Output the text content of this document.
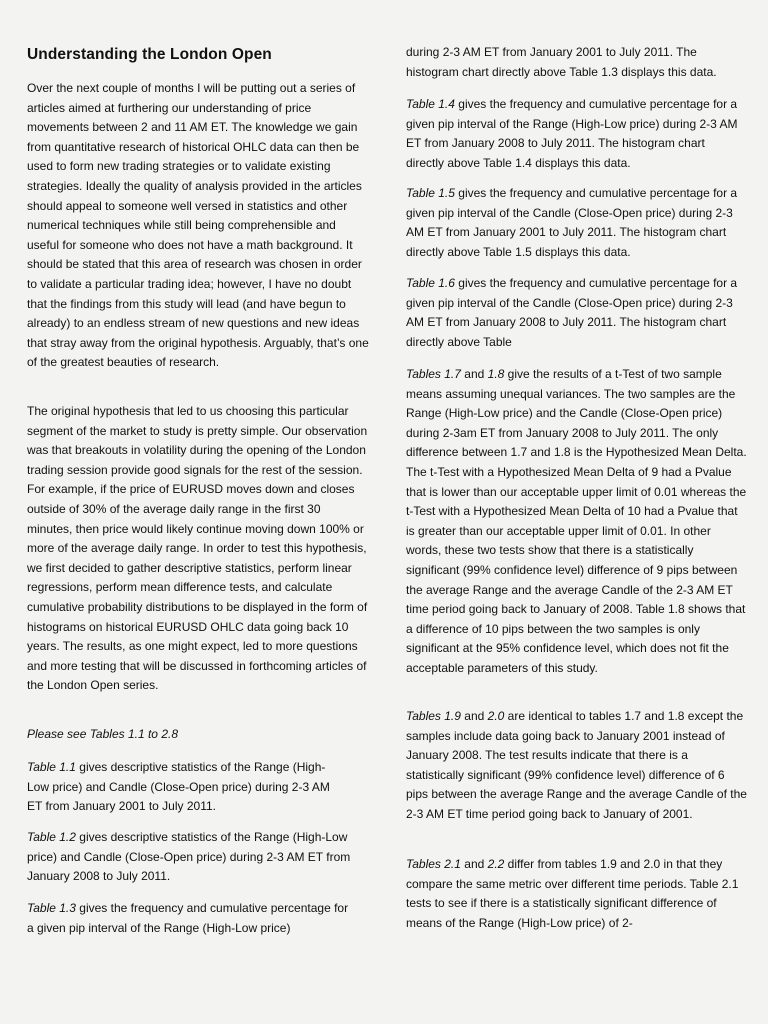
Understanding the London Open

Over the next couple of months I will be putting out a series of articles aimed at furthering our understanding of price movements between 2 and 11 AM ET. The knowledge we gain from quantitative research of historical OHLC data can then be used to form new trading strategies or to validate existing strategies. Ideally the quality of analysis provided in the articles should appeal to someone well versed in statistics and other numerical techniques while still being comprehensible and useful for someone who does not have a math background. It should be stated that this area of research was chosen in order to validate a particular trading idea; however, I have no doubt that the findings from this study will lead (and have begun to already) to an endless stream of new questions and new ideas that stray away from the original hypothesis. Arguably, that’s one of the greatest beauties of research.

The original hypothesis that led to us choosing this particular segment of the market to study is pretty simple. Our observation was that breakouts in volatility during the opening of the London trading session provide good signals for the rest of the session. For example, if the price of EURUSD moves down and closes outside of 30% of the average daily range in the first 30 minutes, then price would likely continue moving down 100% or more of the average daily range. In order to test this hypothesis, we first decided to gather descriptive statistics, perform linear regressions, perform mean difference tests, and calculate cumulative probability distributions to be displayed in the form of histograms on historical EURUSD OHLC data going back 10 years. The results, as one might expect, led to more questions and more testing that will be discussed in forthcoming articles of the London Open series.

Please see Tables 1.1 to 2.8

Table 1.1 gives descriptive statistics of the Range (High-Low price) and Candle (Close-Open price) during 2-3 AM ET from January 2001 to July 2011.

Table 1.2 gives descriptive statistics of the Range (High-Low price) and Candle (Close-Open price) during 2-3 AM ET from January 2008 to July 2011.

Table 1.3 gives the frequency and cumulative percentage for a given pip interval of the Range (High-Low price)

during 2-3 AM ET from January 2001 to July 2011. The histogram chart directly above Table 1.3 displays this data.

Table 1.4 gives the frequency and cumulative percentage for a given pip interval of the Range (High-Low price) during 2-3 AM ET from January 2008 to July 2011. The histogram chart directly above Table 1.4 displays this data.

Table 1.5 gives the frequency and cumulative percentage for a given pip interval of the Candle (Close-Open price) during 2-3 AM ET from January 2001 to July 2011. The histogram chart directly above Table 1.5 displays this data.

Table 1.6 gives the frequency and cumulative percentage for a given pip interval of the Candle (Close-Open price) during 2-3 AM ET from January 2008 to July 2011. The histogram chart directly above Table

Tables 1.7 and 1.8 give the results of a t-Test of two sample means assuming unequal variances. The two samples are the Range (High-Low price) and the Candle (Close-Open price) during 2-3am ET from January 2008 to July 2011. The only difference between 1.7 and 1.8 is the Hypothesized Mean Delta. The t-Test with a Hypothesized Mean Delta of 9 had a Pvalue that is lower than our acceptable upper limit of 0.01 whereas the t-Test with a Hypothesized Mean Delta of 10 had a Pvalue that is greater than our acceptable upper limit of 0.01. In other words, these two tests show that there is a statistically significant (99% confidence level) difference of 9 pips between the average Range and the average Candle of the 2-3 AM ET time period going back to January of 2008. Table 1.8 shows that a difference of 10 pips between the two samples is only significant at the 95% confidence level, which does not fit the acceptable parameters of this study.

Tables 1.9 and 2.0 are identical to tables 1.7 and 1.8 except the samples include data going back to January 2001 instead of January 2008. The test results indicate that there is a statistically significant (99% confidence level) difference of 6 pips between the average Range and the average Candle of the 2-3 AM ET time period going back to January of 2001.

Tables 2.1 and 2.2 differ from tables 1.9 and 2.0 in that they compare the same metric over different time periods. Table 2.1 tests to see if there is a statistically significant difference of means of the Range (High-Low price) of 2-
